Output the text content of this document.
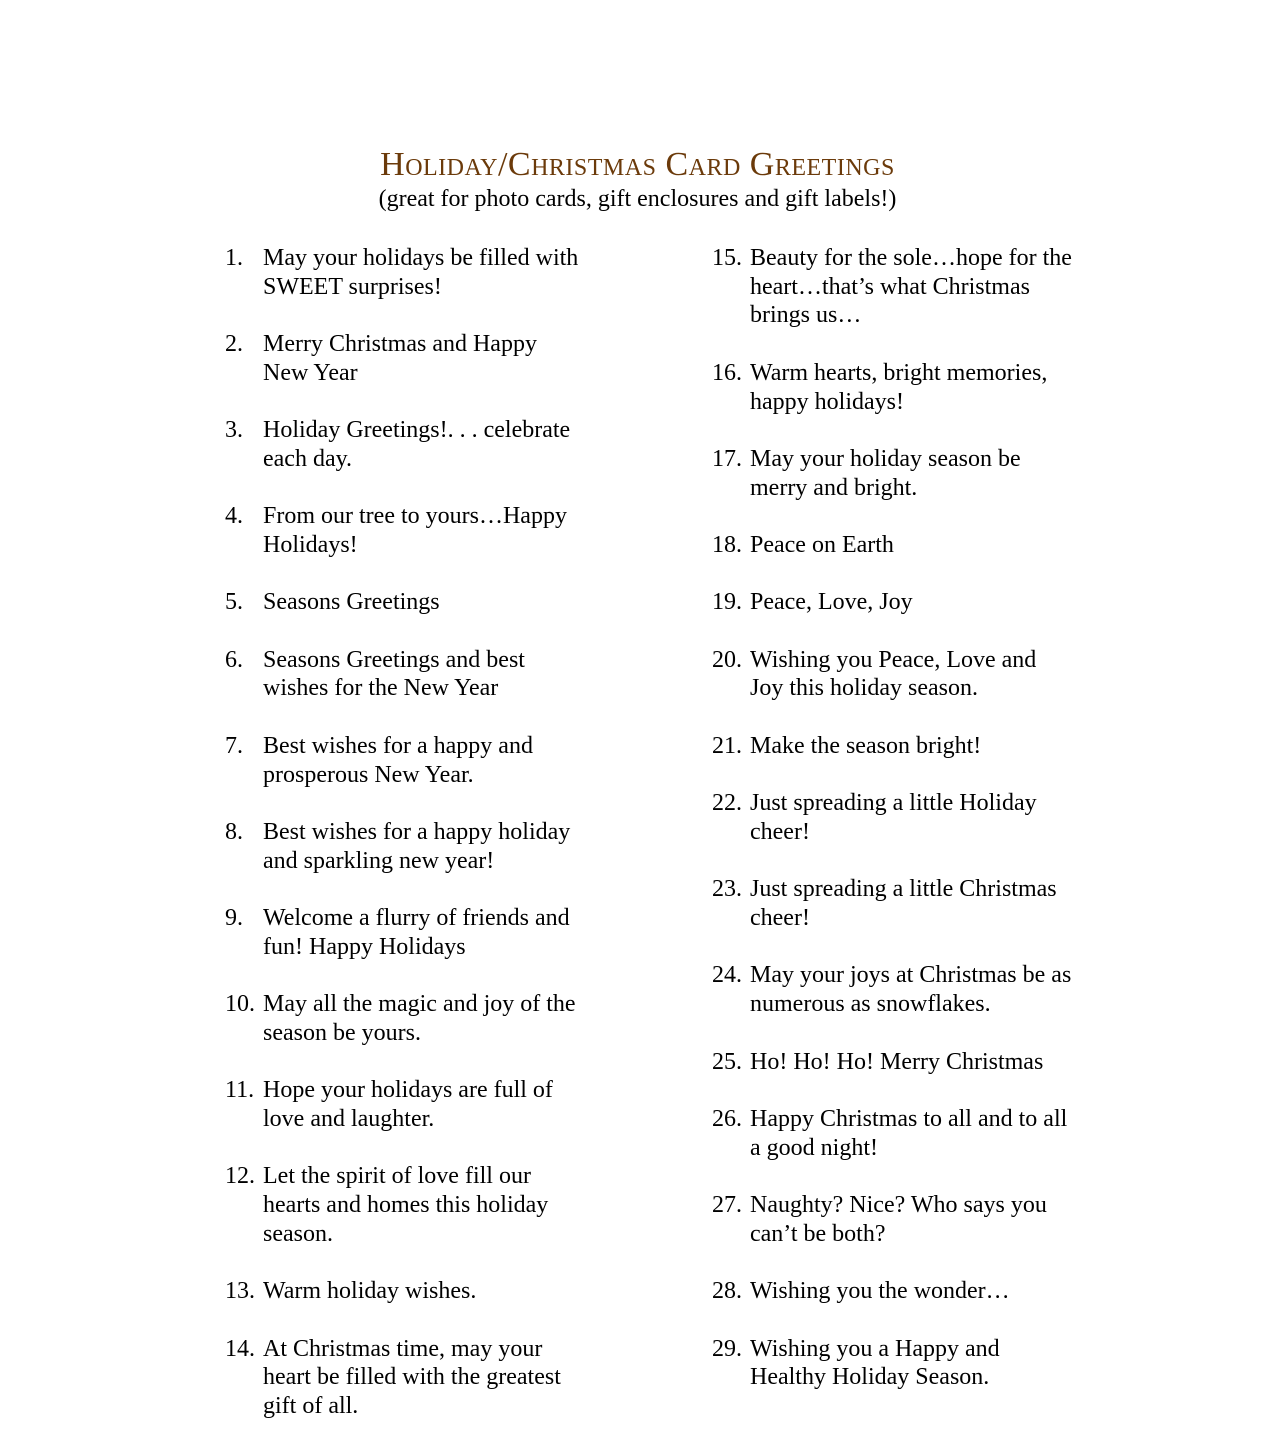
Holiday/Christmas Card Greetings
(great for photo cards, gift enclosures and gift labels!)
1. May your holidays be filled with
SWEET surprises!
2. Merry Christmas and Happy
New Year
3. Holiday Greetings!. . . celebrate
each day.
4. From our tree to yours…Happy
Holidays!
5. Seasons Greetings
6. Seasons Greetings and best
wishes for the New Year
7. Best wishes for a happy and
prosperous New Year.
8. Best wishes for a happy holiday
and sparkling new year!
9. Welcome a flurry of friends and
fun! Happy Holidays
10. May all the magic and joy of the
season be yours.
11. Hope your holidays are full of
love and laughter.
12. Let the spirit of love fill our
hearts and homes this holiday
season.
13. Warm holiday wishes.
14. At Christmas time, may your
heart be filled with the greatest
gift of all.
15. Beauty for the sole…hope for the
heart…that’s what Christmas
brings us…
16. Warm hearts, bright memories,
happy holidays!
17. May your holiday season be
merry and bright.
18. Peace on Earth
19. Peace, Love, Joy
20. Wishing you Peace, Love and
Joy this holiday season.
21. Make the season bright!
22. Just spreading a little Holiday
cheer!
23. Just spreading a little Christmas
cheer!
24. May your joys at Christmas be as
numerous as snowflakes.
25. Ho! Ho! Ho! Merry Christmas
26. Happy Christmas to all and to all
a good night!
27. Naughty? Nice? Who says you
can’t be both?
28. Wishing you the wonder…
29. Wishing you a Happy and
Healthy Holiday Season.
